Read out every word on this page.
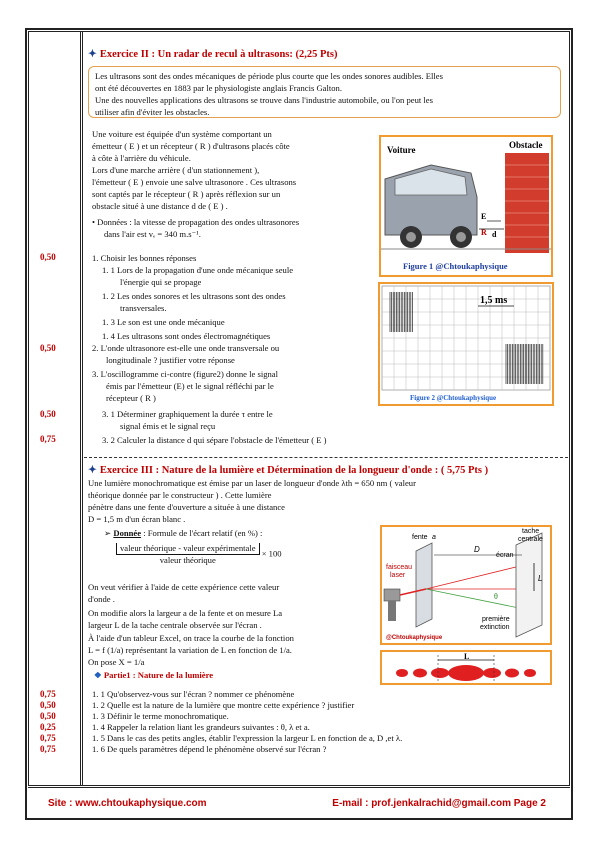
0,50
0,50
0,50
0,75
0,75
0,50
0,50
0,25
0,75
0,75
✦ Exercice II : Un radar de recul à ultrasons: (2,25 Pts)
Les ultrasons sont des ondes mécaniques de période plus courte que les ondes sonores audibles. Elles
ont été découvertes en 1883 par le physiologiste anglais Francis Galton.
Une des nouvelles applications des ultrasons se trouve dans l'industrie automobile, ou l'on peut les
utiliser afin d'éviter les obstacles.
Une voiture est équipée d'un système comportant un
émetteur ( E ) et un récepteur ( R ) d'ultrasons placés côte
à côte à l'arrière du véhicule.
Lors d'une marche arrière ( d'un stationnement ),
l'émetteur ( E ) envoie une salve ultrasonore . Ces ultrasons
sont captés par le récepteur ( R ) après réflexion sur un
obstacle situé à une distance d de ( E ) .
• Données : la vitesse de propagation des ondes ultrasonores
dans l'air est vₑ = 340 m.s⁻¹.
1. Choisir les bonnes réponses
1. 1 Lors de la propagation d'une onde mécanique seule
l'énergie qui se propage
1. 2 Les ondes sonores et les ultrasons sont des ondes
transversales.
1. 3 Le son est une onde mécanique
1. 4 Les ultrasons sont ondes électromagnétiques
2. L'onde ultrasonore est-elle une onde transversale ou
longitudinale ? justifier votre réponse
3. L'oscillogramme ci-contre (figure2) donne le signal
émis par l'émetteur (E) et le signal réfléchi par le
récepteur ( R )
3. 1 Déterminer graphiquement la durée τ entre le
signal émis et le signal reçu
3. 2 Calculer la distance d qui sépare l'obstacle de l'émetteur ( E )
Voiture	Obstacle
E
R d
Figure 1 @Chtoukaphysique
1,5 ms
Figure 2 @Chtoukaphysique
✦ Exercice III : Nature de la lumière et Détermination de la longueur d'onde : ( 5,75 Pts )
Une lumière monochromatique est émise par un laser de longueur d'onde λth = 650 nm ( valeur
théorique donnée par le constructeur ) . Cette lumière
pénètre dans une fente d'ouverture a située à une distance
D = 1,5 m d'un écran blanc .
➢ Donnée : Formule de l'écart relatif (en %) :
$\frac{\text{valeur théorique - valeur expérimentale}}{\text{valeur théorique}} \times 100$
On veut vérifier à l'aide de cette expérience cette valeur
d'onde .
On modifie alors la largeur a de la fente et on mesure La
largeur L de la tache centrale observée sur l'écran .
À l'aide d'un tableur Excel, on trace la courbe de la fonction
L = f (1/a) représentant la variation de L en fonction de 1/a.
On pose X = 1/a
❖ Partie1 : Nature de la lumière
1. 1 Qu'observez-vous sur l'écran ? nommer ce phénomène
1. 2 Quelle est la nature de la lumière que montre cette expérience ? justifier
1. 3 Définir le terme monochromatique.
1. 4 Rappeler la relation liant les grandeurs suivantes : θ, λ et a.
1. 5 Dans le cas des petits angles, établir l'expression la largeur L en fonction de a, D ,et λ.
1. 6 De quels paramètres dépend le phénomène observé sur l'écran ?
fente a
faisceau
laser
D
tache
centrale
écran
L
θ
première
extinction
@Chtoukaphysique
L
Site : www.chtoukaphysique.com	E-mail : prof.jenkalrachid@gmail.com Page 2
